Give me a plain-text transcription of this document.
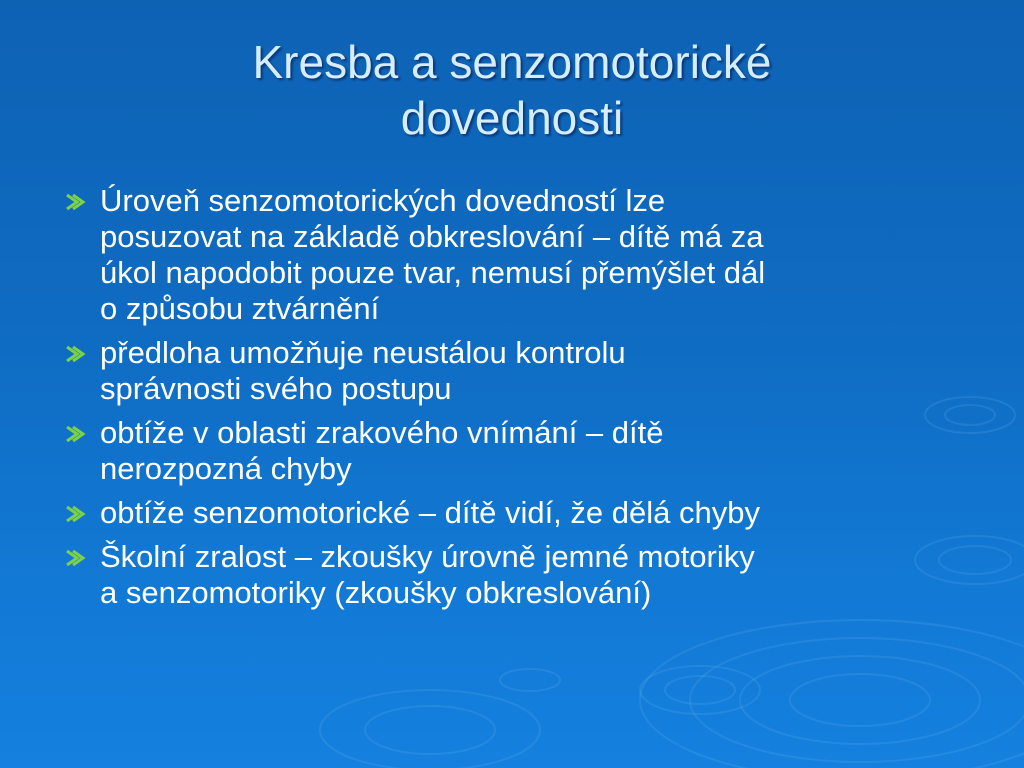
Kresba a senzomotorické
dovednosti
Úroveň senzomotorických dovedností lze
posuzovat na základě obkreslování – dítě má za
úkol napodobit pouze tvar, nemusí přemýšlet dál
o způsobu ztvárnění
předloha umožňuje neustálou kontrolu
správnosti svého postupu
obtíže v oblasti zrakového vnímání – dítě
nerozpozná chyby
obtíže senzomotorické – dítě vidí, že dělá chyby
Školní zralost – zkoušky úrovně jemné motoriky
a senzomotoriky (zkoušky obkreslování)
